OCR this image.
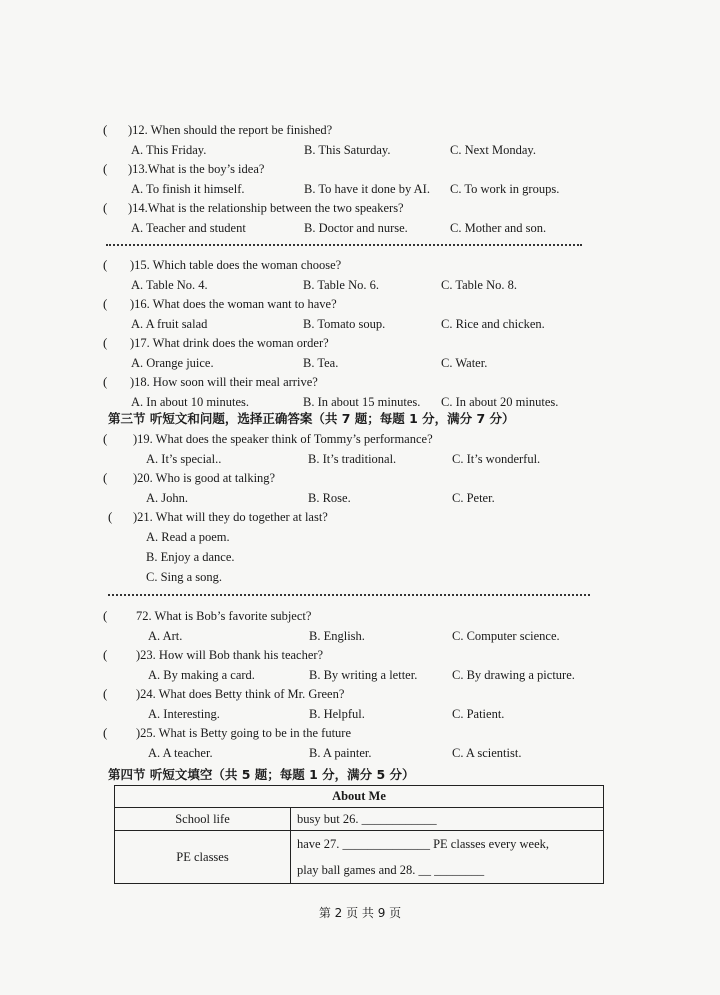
( )12. When should the report be finished?
A. This Friday.	B. This Saturday.	C. Next Monday.
( )13.What is the boy’s idea?
A. To finish it himself.	B. To have it done by AI. C. To work in groups.
( )14.What is the relationship between the two speakers?
A. Teacher and student	B. Doctor and nurse.	C. Mother and son.
( )15. Which table does the woman choose?
A. Table No. 4.	B. Table No. 6.	C. Table No. 8.
( )16. What does the woman want to have?
A. A fruit salad	B. Tomato soup.	C. Rice and chicken.
( )17. What drink does the woman order?
A. Orange juice.	B. Tea.	C. Water.
( )18. How soon will their meal arrive?
A. In about 10 minutes.	B. In about 15 minutes. C. In about 20 minutes.
第三节 听短文和问题，选择正确答案（共 7 题；每题 1 分，满分 7 分）
( )19. What does the speaker think of Tommy’s performance?
A. It’s special..	B. It’s traditional.	C. It’s wonderful.
( )20. Who is good at talking?
A. John.	B. Rose.	C. Peter.
( )21. What will they do together at last?
A. Read a poem.
B. Enjoy a dance.
C. Sing a song.
( 72. What is Bob’s favorite subject?
A. Art.	B. English.	C. Computer science.
( )23. How will Bob thank his teacher?
A. By making a card.	B. By writing a letter.	C. By drawing a picture.
( )24. What does Betty think of Mr. Green?
A. Interesting.	B. Helpful.	C. Patient.
( )25. What is Betty going to be in the future
A. A teacher.	B. A painter.	C. A scientist.
第四节 听短文填空（共 5 题；每题 1 分，满分 5 分）
About Me	
School life	busy but 26. ____________
PE classes	have 27. ______________ PE classes every week,
play ball games and 28. __ ________
第 2 页 共 9 页
